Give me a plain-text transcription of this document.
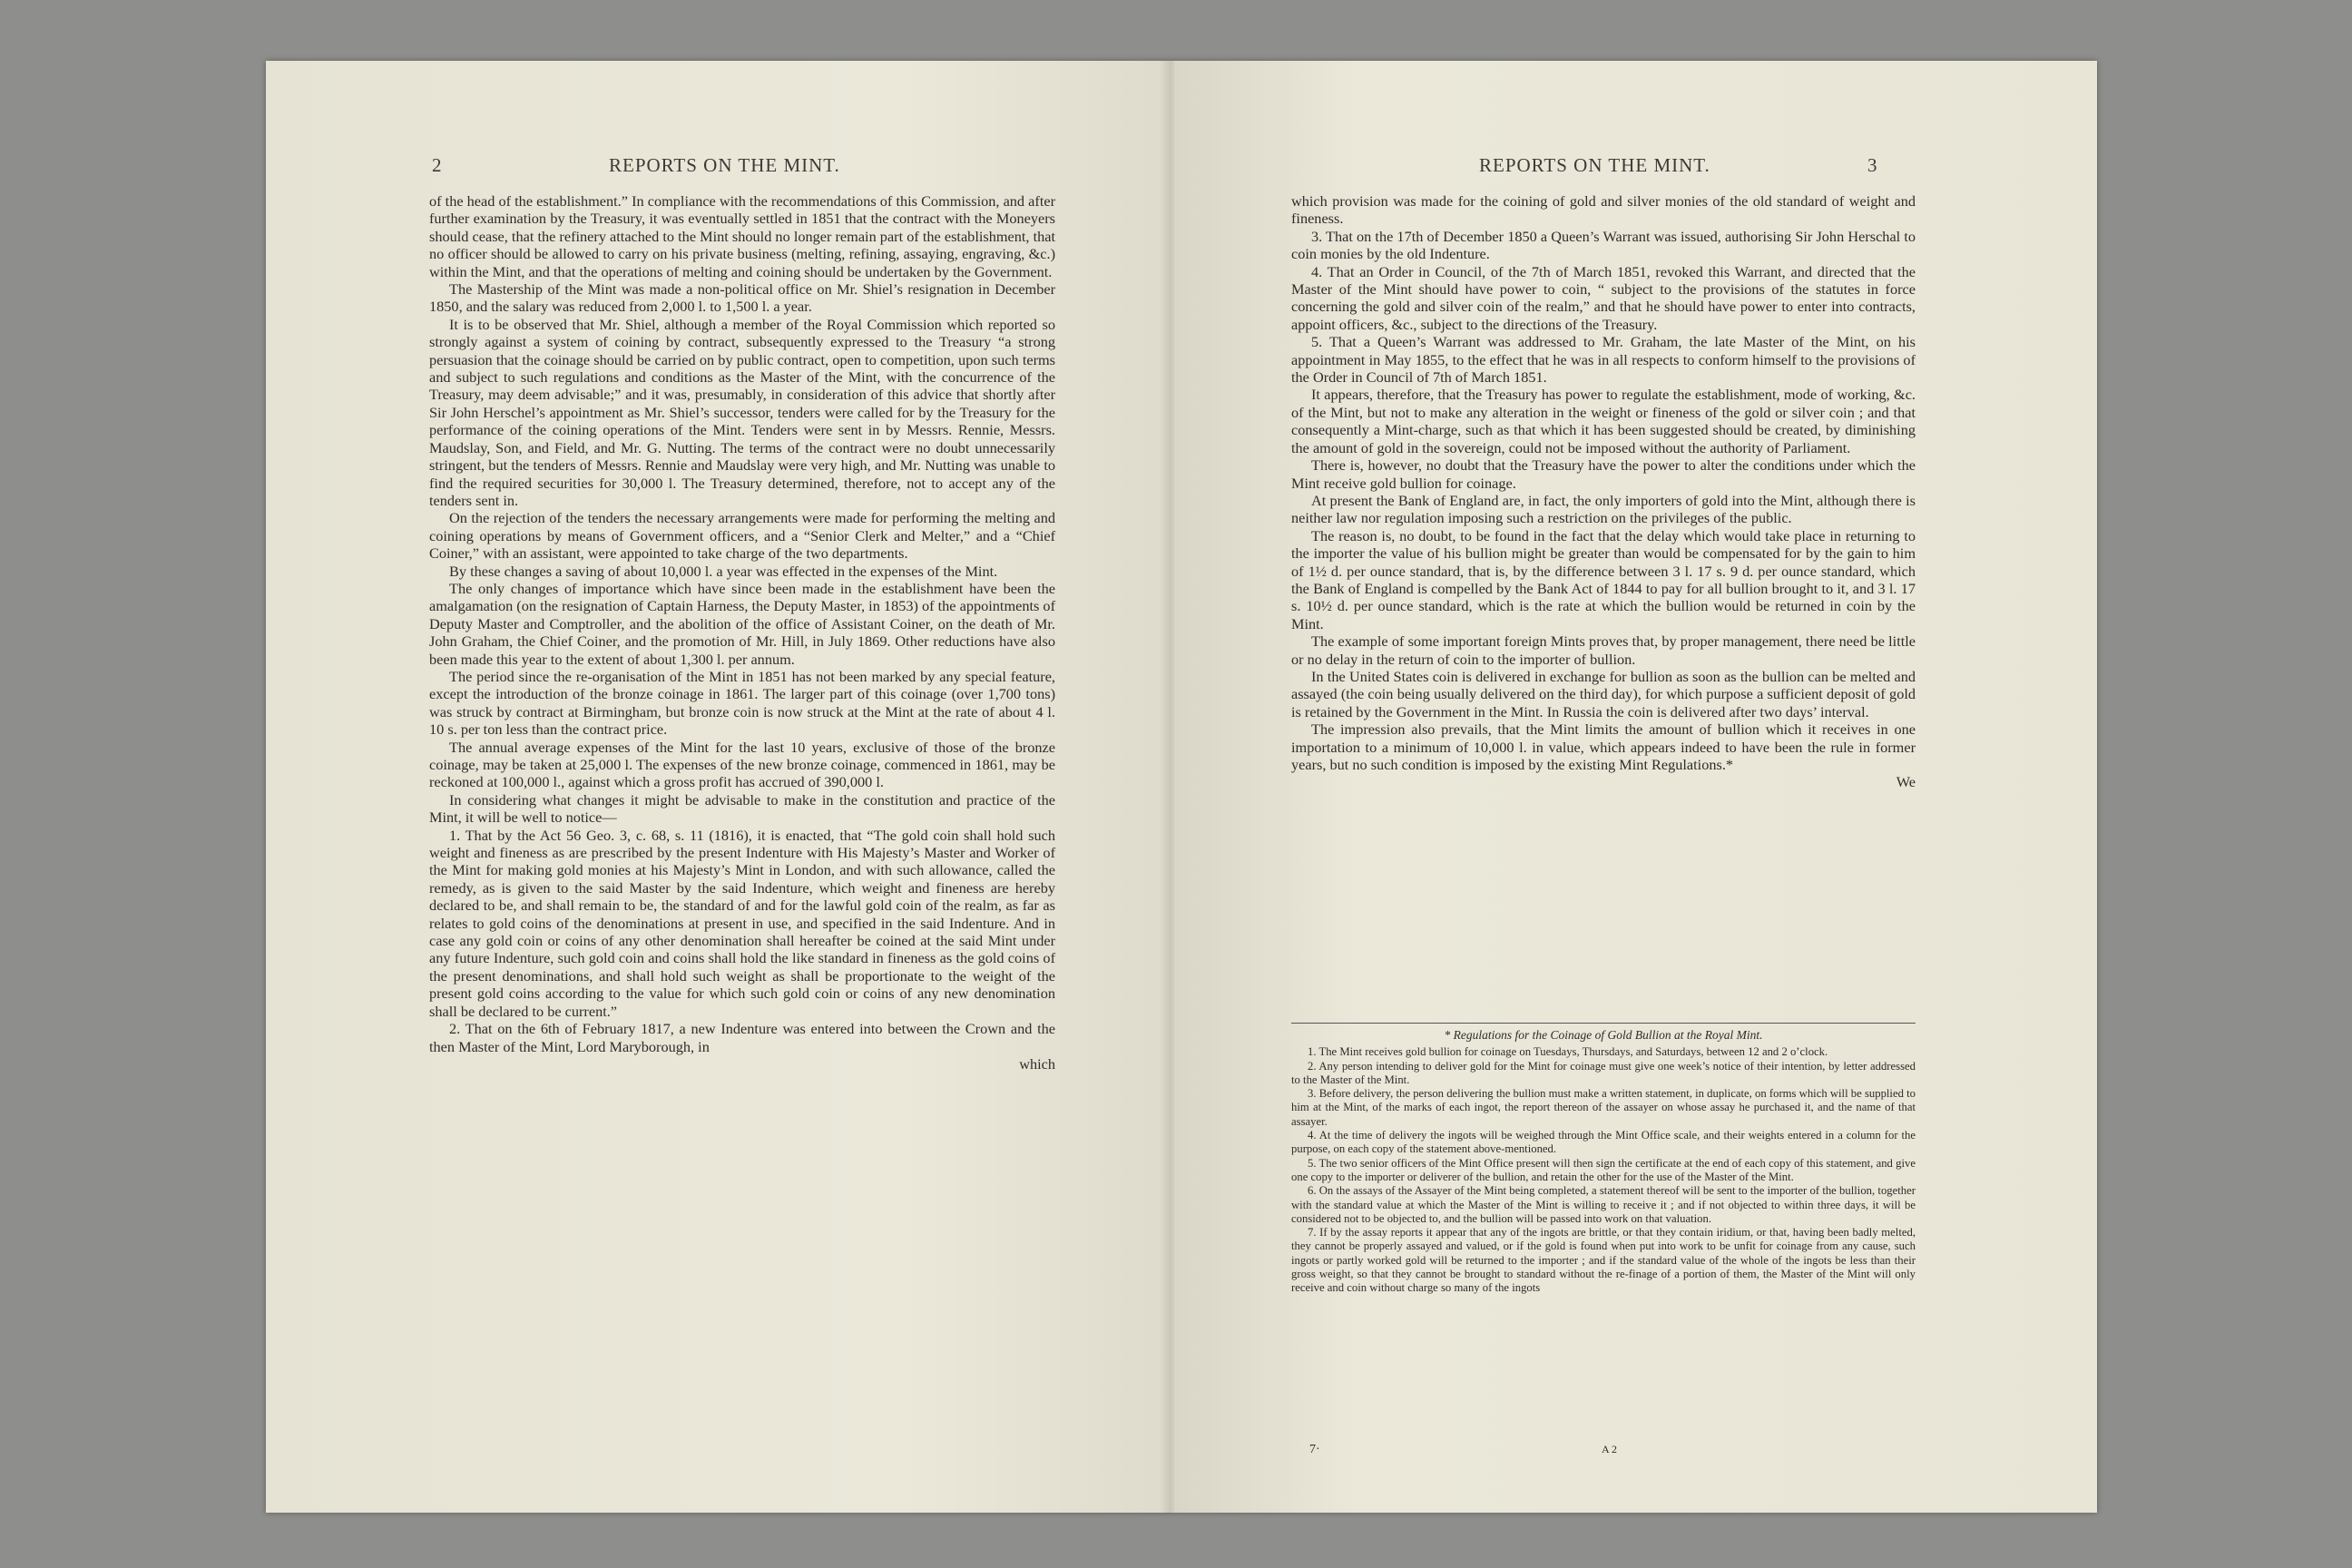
2	REPORTS ON THE MINT.

of the head of the establishment.” In compliance with the recommendations of this Commission, and after further examination by the Treasury, it was eventually settled in 1851 that the contract with the Moneyers should cease, that the refinery attached to the Mint should no longer remain part of the establishment, that no officer should be allowed to carry on his private business (melting, refining, assaying, engraving, &c.) within the Mint, and that the operations of melting and coining should be undertaken by the Government.

The Mastership of the Mint was made a non-political office on Mr. Shiel’s resignation in December 1850, and the salary was reduced from 2,000 l. to 1,500 l. a year.

It is to be observed that Mr. Shiel, although a member of the Royal Commission which reported so strongly against a system of coining by contract, subsequently expressed to the Treasury “a strong persuasion that the coinage should be carried on by public contract, open to competition, upon such terms and subject to such regulations and conditions as the Master of the Mint, with the concurrence of the Treasury, may deem advisable;” and it was, presumably, in consideration of this advice that shortly after Sir John Herschel’s appointment as Mr. Shiel’s successor, tenders were called for by the Treasury for the performance of the coining operations of the Mint. Tenders were sent in by Messrs. Rennie, Messrs. Maudslay, Son, and Field, and Mr. G. Nutting. The terms of the contract were no doubt unnecessarily stringent, but the tenders of Messrs. Rennie and Maudslay were very high, and Mr. Nutting was unable to find the required securities for 30,000 l. The Treasury determined, therefore, not to accept any of the tenders sent in.

On the rejection of the tenders the necessary arrangements were made for performing the melting and coining operations by means of Government officers, and a “Senior Clerk and Melter,” and a “Chief Coiner,” with an assistant, were appointed to take charge of the two departments.

By these changes a saving of about 10,000 l. a year was effected in the expenses of the Mint.

The only changes of importance which have since been made in the establishment have been the amalgamation (on the resignation of Captain Harness, the Deputy Master, in 1853) of the appointments of Deputy Master and Comptroller, and the abolition of the office of Assistant Coiner, on the death of Mr. John Graham, the Chief Coiner, and the promotion of Mr. Hill, in July 1869. Other reductions have also been made this year to the extent of about 1,300 l. per annum.

The period since the re-organisation of the Mint in 1851 has not been marked by any special feature, except the introduction of the bronze coinage in 1861. The larger part of this coinage (over 1,700 tons) was struck by contract at Birmingham, but bronze coin is now struck at the Mint at the rate of about 4 l. 10 s. per ton less than the contract price.

The annual average expenses of the Mint for the last 10 years, exclusive of those of the bronze coinage, may be taken at 25,000 l. The expenses of the new bronze coinage, commenced in 1861, may be reckoned at 100,000 l., against which a gross profit has accrued of 390,000 l.

In considering what changes it might be advisable to make in the constitution and practice of the Mint, it will be well to notice—

1. That by the Act 56 Geo. 3, c. 68, s. 11 (1816), it is enacted, that “The gold coin shall hold such weight and fineness as are prescribed by the present Indenture with His Majesty’s Master and Worker of the Mint for making gold monies at his Majesty’s Mint in London, and with such allowance, called the remedy, as is given to the said Master by the said Indenture, which weight and fineness are hereby declared to be, and shall remain to be, the standard of and for the lawful gold coin of the realm, as far as relates to gold coins of the denominations at present in use, and specified in the said Indenture. And in case any gold coin or coins of any other denomination shall hereafter be coined at the said Mint under any future Indenture, such gold coin and coins shall hold the like standard in fineness as the gold coins of the present denominations, and shall hold such weight as shall be proportionate to the weight of the present gold coins according to the value for which such gold coin or coins of any new denomination shall be declared to be current.”

2. That on the 6th of February 1817, a new Indenture was entered into between the Crown and the then Master of the Mint, Lord Maryborough, in

which
REPORTS ON THE MINT.	3

which provision was made for the coining of gold and silver monies of the old standard of weight and fineness.

3. That on the 17th of December 1850 a Queen’s Warrant was issued, authorising Sir John Herschal to coin monies by the old Indenture.

4. That an Order in Council, of the 7th of March 1851, revoked this Warrant, and directed that the Master of the Mint should have power to coin, “ subject to the provisions of the statutes in force concerning the gold and silver coin of the realm,” and that he should have power to enter into contracts, appoint officers, &c., subject to the directions of the Treasury.

5. That a Queen’s Warrant was addressed to Mr. Graham, the late Master of the Mint, on his appointment in May 1855, to the effect that he was in all respects to conform himself to the provisions of the Order in Council of 7th of March 1851.

It appears, therefore, that the Treasury has power to regulate the establishment, mode of working, &c. of the Mint, but not to make any alteration in the weight or fineness of the gold or silver coin ; and that consequently a Mint-charge, such as that which it has been suggested should be created, by diminishing the amount of gold in the sovereign, could not be imposed without the authority of Parliament.

There is, however, no doubt that the Treasury have the power to alter the conditions under which the Mint receive gold bullion for coinage.

At present the Bank of England are, in fact, the only importers of gold into the Mint, although there is neither law nor regulation imposing such a restriction on the privileges of the public.

The reason is, no doubt, to be found in the fact that the delay which would take place in returning to the importer the value of his bullion might be greater than would be compensated for by the gain to him of 1½ d. per ounce standard, that is, by the difference between 3 l. 17 s. 9 d. per ounce standard, which the Bank of England is compelled by the Bank Act of 1844 to pay for all bullion brought to it, and 3 l. 17 s. 10½ d. per ounce standard, which is the rate at which the bullion would be returned in coin by the Mint.

The example of some important foreign Mints proves that, by proper management, there need be little or no delay in the return of coin to the importer of bullion.

In the United States coin is delivered in exchange for bullion as soon as the bullion can be melted and assayed (the coin being usually delivered on the third day), for which purpose a sufficient deposit of gold is retained by the Government in the Mint. In Russia the coin is delivered after two days’ interval.

The impression also prevails, that the Mint limits the amount of bullion which it receives in one importation to a minimum of 10,000 l. in value, which appears indeed to have been the rule in former years, but no such condition is imposed by the existing Mint Regulations.*

We
* Regulations for the Coinage of Gold Bullion at the Royal Mint.

1. The Mint receives gold bullion for coinage on Tuesdays, Thursdays, and Saturdays, between 12 and 2 o’clock.

2. Any person intending to deliver gold for the Mint for coinage must give one week’s notice of their intention, by letter addressed to the Master of the Mint.

3. Before delivery, the person delivering the bullion must make a written statement, in duplicate, on forms which will be supplied to him at the Mint, of the marks of each ingot, the report thereon of the assayer on whose assay he purchased it, and the name of that assayer.

4. At the time of delivery the ingots will be weighed through the Mint Office scale, and their weights entered in a column for the purpose, on each copy of the statement above-mentioned.

5. The two senior officers of the Mint Office present will then sign the certificate at the end of each copy of this statement, and give one copy to the importer or deliverer of the bullion, and retain the other for the use of the Master of the Mint.

6. On the assays of the Assayer of the Mint being completed, a statement thereof will be sent to the importer of the bullion, together with the standard value at which the Master of the Mint is willing to receive it ; and if not objected to within three days, it will be considered not to be objected to, and the bullion will be passed into work on that valuation.

7. If by the assay reports it appear that any of the ingots are brittle, or that they contain iridium, or that, having been badly melted, they cannot be properly assayed and valued, or if the gold is found when put into work to be unfit for coinage from any cause, such ingots or partly worked gold will be returned to the importer ; and if the standard value of the whole of the ingots be less than their gross weight, so that they cannot be brought to standard without the re-finage of a portion of them, the Master of the Mint will only receive and coin without charge so many of the ingots

7·	A 2
